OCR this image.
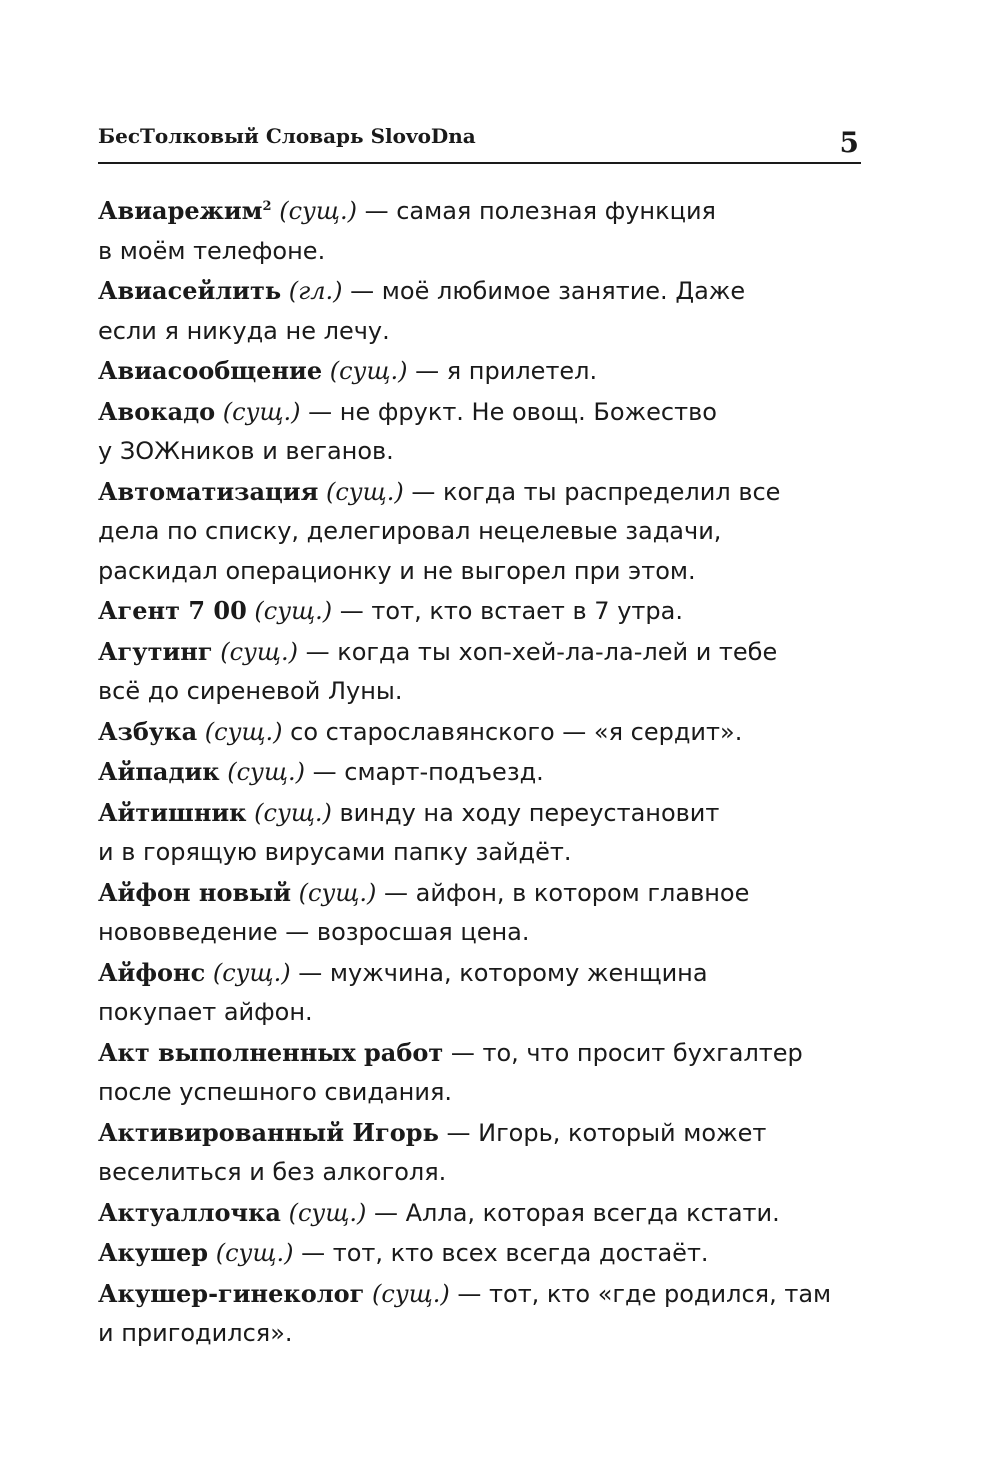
БесТолковый Словарь SlovoDna	5

Авиарежим$^2$ (сущ.) — самая полезная функция
в моём телефоне.

Авиасейлить (гл.) — моё любимое занятие. Даже
если я никуда не лечу.

Авиасообщение (сущ.) — я прилетел.

Авокадо (сущ.) — не фрукт. Не овощ. Божество
у ЗОЖников и веганов.

Автоматизация (сущ.) — когда ты распределил все
дела по списку, делегировал нецелевые задачи,
раскидал операционку и не выгорел при этом.

Агент 7 00 (сущ.) — тот, кто встает в 7 утра.

Агутинг (сущ.) — когда ты хоп-хей-ла-ла-лей и тебе
всё до сиреневой Луны.

Азбука (сущ.) со старославянского — «я сердит».

Айпадик (сущ.) — смарт-подъезд.

Айтишник (сущ.) винду на ходу переустановит
и в горящую вирусами папку зайдёт.

Айфон новый (сущ.) — айфон, в котором главное
нововведение — возросшая цена.

Айфонс (сущ.) — мужчина, которому женщина
покупает айфон.

Акт выполненных работ — то, что просит бухгалтер
после успешного свидания.

Активированный Игорь — Игорь, который может
веселиться и без алкоголя.

Актуаллочка (сущ.) — Алла, которая всегда кстати.

Акушер (сущ.) — тот, кто всех всегда достаёт.

Акушер-гинеколог (сущ.) — тот, кто «где родился, там
и пригодился».
